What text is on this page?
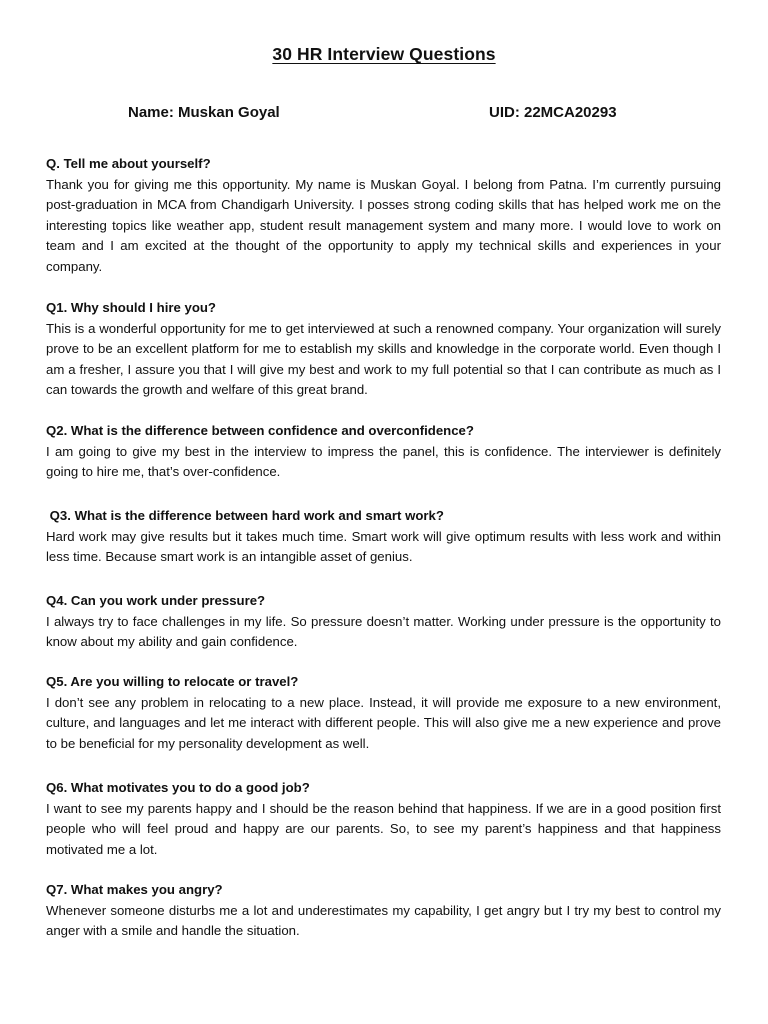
30 HR Interview Questions
Name: Muskan Goyal	UID: 22MCA20293

Q. Tell me about yourself?

Thank you for giving me this opportunity. My name is Muskan Goyal. I belong from Patna. I’m currently pursuing post-graduation in MCA from Chandigarh University. I posses strong coding skills that has helped work me on the interesting topics like weather app, student result management system and many more. I would love to work on team and I am excited at the thought of the opportunity to apply my technical skills and experiences in your company.

Q1. Why should I hire you?

This is a wonderful opportunity for me to get interviewed at such a renowned company. Your organization will surely prove to be an excellent platform for me to establish my skills and knowledge in the corporate world. Even though I am a fresher, I assure you that I will give my best and work to my full potential so that I can contribute as much as I can towards the growth and welfare of this great brand.

Q2. What is the difference between confidence and overconfidence?

I am going to give my best in the interview to impress the panel, this is confidence. The interviewer is definitely going to hire me, that’s over-confidence.

Q3. What is the difference between hard work and smart work?

Hard work may give results but it takes much time. Smart work will give optimum results with less work and within less time. Because smart work is an intangible asset of genius.

Q4. Can you work under pressure?

I always try to face challenges in my life. So pressure doesn’t matter. Working under pressure is the opportunity to know about my ability and gain confidence.

Q5. Are you willing to relocate or travel?

I don’t see any problem in relocating to a new place. Instead, it will provide me exposure to a new environment, culture, and languages and let me interact with different people. This will also give me a new experience and prove to be beneficial for my personality development as well.

Q6. What motivates you to do a good job?

I want to see my parents happy and I should be the reason behind that happiness. If we are in a good position first people who will feel proud and happy are our parents. So, to see my parent’s happiness and that happiness motivated me a lot.

Q7. What makes you angry?

Whenever someone disturbs me a lot and underestimates my capability, I get angry but I try my best to control my anger with a smile and handle the situation.
